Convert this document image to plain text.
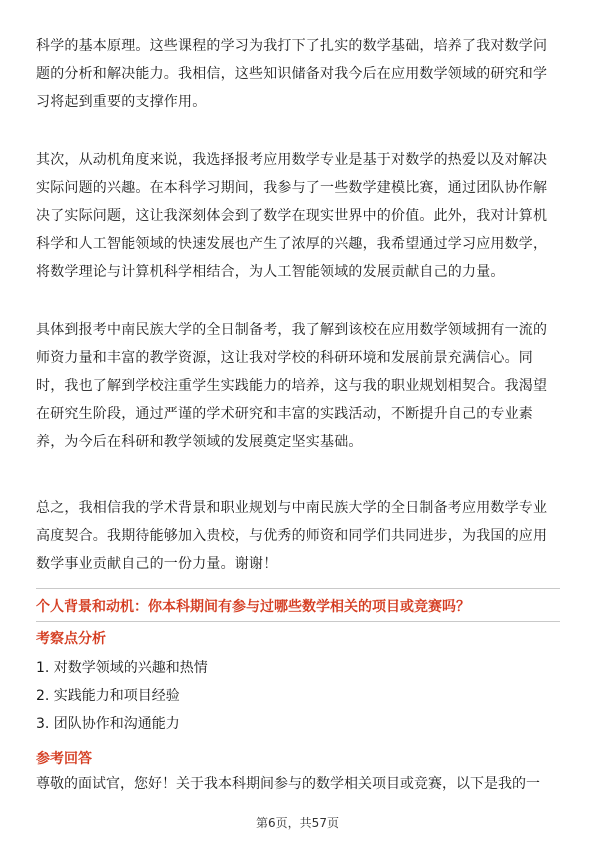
科学的基本原理。这些课程的学习为我打下了扎实的数学基础，培养了我对数学问
题的分析和解决能力。我相信，这些知识储备对我今后在应用数学领域的研究和学
习将起到重要的支撑作用。

其次，从动机角度来说，我选择报考应用数学专业是基于对数学的热爱以及对解决
实际问题的兴趣。在本科学习期间，我参与了一些数学建模比赛，通过团队协作解
决了实际问题，这让我深刻体会到了数学在现实世界中的价值。此外，我对计算机
科学和人工智能领域的快速发展也产生了浓厚的兴趣，我希望通过学习应用数学，
将数学理论与计算机科学相结合，为人工智能领域的发展贡献自己的力量。

具体到报考中南民族大学的全日制备考，我了解到该校在应用数学领域拥有一流的
师资力量和丰富的教学资源，这让我对学校的科研环境和发展前景充满信心。同
时，我也了解到学校注重学生实践能力的培养，这与我的职业规划相契合。我渴望
在研究生阶段，通过严谨的学术研究和丰富的实践活动，不断提升自己的专业素
养，为今后在科研和教学领域的发展奠定坚实基础。

总之，我相信我的学术背景和职业规划与中南民族大学的全日制备考应用数学专业
高度契合。我期待能够加入贵校，与优秀的师资和同学们共同进步，为我国的应用
数学事业贡献自己的一份力量。谢谢！

个人背景和动机：你本科期间有参与过哪些数学相关的项目或竞赛吗？
考察点分析
1. 对数学领域的兴趣和热情
2. 实践能力和项目经验
3. 团队协作和沟通能力
参考回答
尊敬的面试官，您好！关于我本科期间参与的数学相关项目或竞赛，以下是我的一
第6页，共57页
